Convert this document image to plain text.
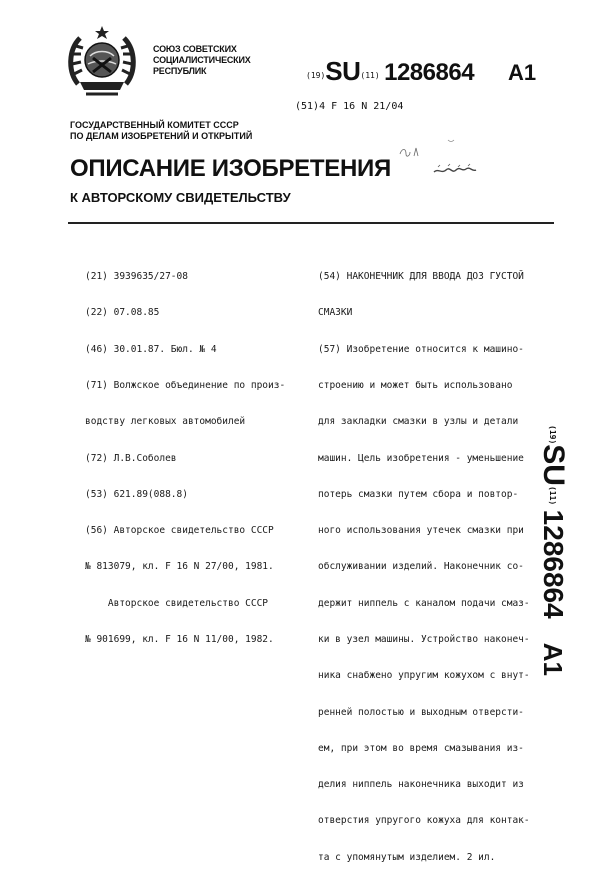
СОЮЗ СОВЕТСКИХ
СОЦИАЛИСТИЧЕСКИХ
РЕСПУБЛИК	(19)SU(11) 1286864 A1
(51)4 F 16 N 21/04
ГОСУДАРСТВЕННЫЙ КОМИТЕТ СССР
ПО ДЕЛАМ ИЗОБРЕТЕНИЙ И ОТКРЫТИЙ
ОПИСАНИЕ ИЗОБРЕТЕНИЯ
К АВТОРСКОМУ СВИДЕТЕЛЬСТВУ

(21) 3939635/27-08

(22) 07.08.85

(46) 30.01.87. Бюл. № 4

(71) Волжское объединение по произ-

водству легковых автомобилей

(72) Л.В.Соболев

(53) 621.89(088.8)

(56) Авторское свидетельство СССР

№ 813079, кл. F 16 N 27/00, 1981.

Авторское свидетельство СССР

№ 901699, кл. F 16 N 11/00, 1982.

(54) НАКОНЕЧНИК ДЛЯ ВВОДА ДОЗ ГУСТОЙ

СМАЗКИ

(57) Изобретение относится к машино-

строению и может быть использовано

для закладки смазки в узлы и детали

машин. Цель изобретения - уменьшение

потерь смазки путем сбора и повтор-

ного использования утечек смазки при

обслуживании изделий. Наконечник со-

держит ниппель с каналом подачи смаз-

ки в узел машины. Устройство наконеч-

ника снабжено упругим кожухом с внут-

ренней полостью и выходным отверсти-

ем, при этом во время смазывания из-

делия ниппель наконечника выходит из

отверстия упругого кожуха для контак-

та с упомянутым изделием. 2 ил.

$^{(19)}$SU$^{(11)}$ 1286864A1
